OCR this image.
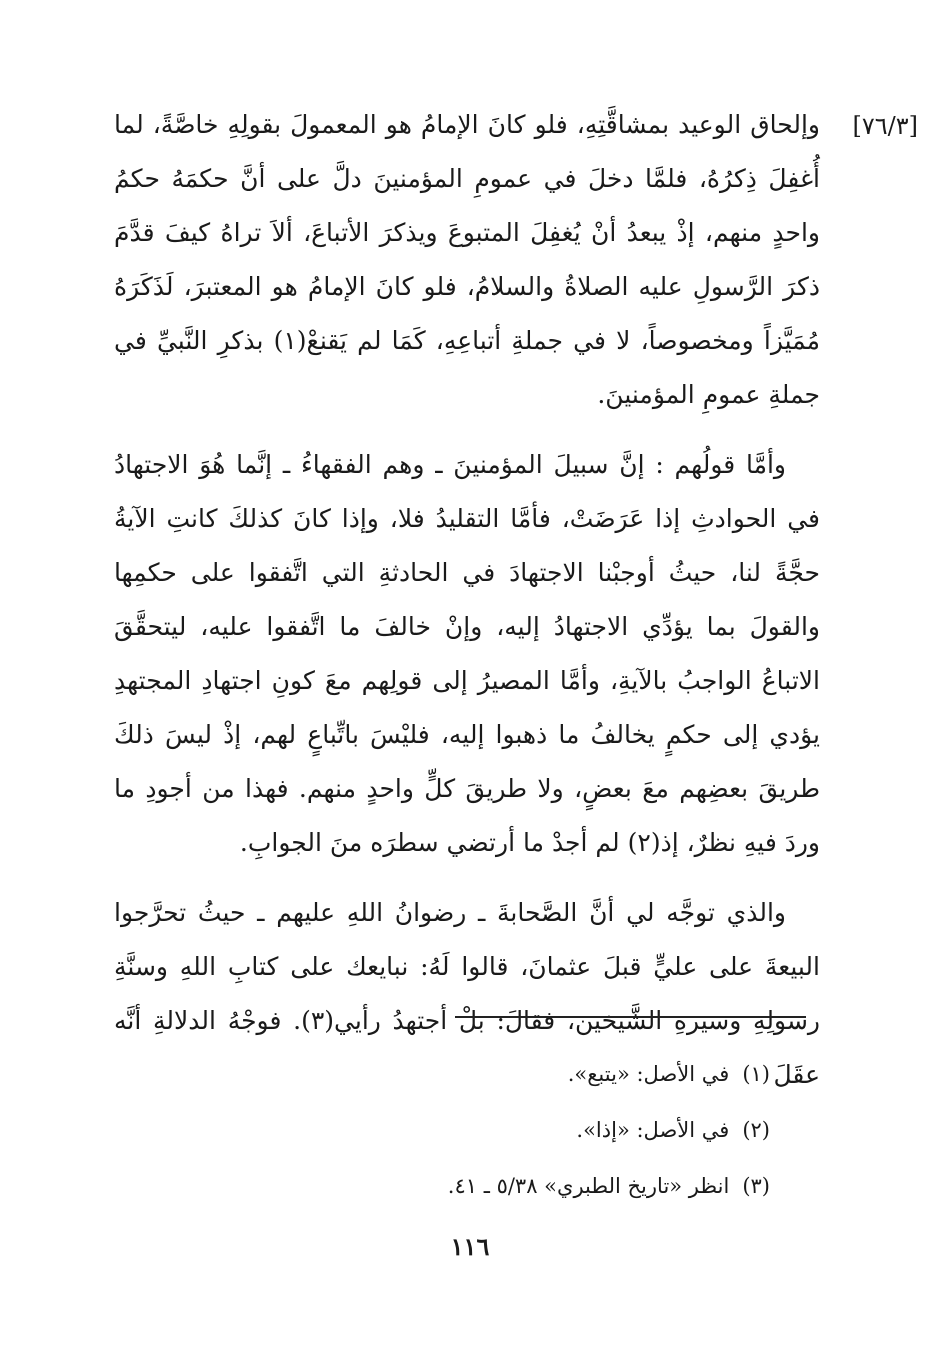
[٧٦/٣]

وإلحاق الوعيد بمشاقَّتِهِ، فلو كانَ الإمامُ هو المعمولَ بقولِهِ خاصَّةً، لما أُغفِلَ ذِكرُهُ، فلمَّا دخلَ في عمومِ المؤمنينَ دلَّ على أنَّ حكمَهُ حكمُ واحدٍ منهم، إذْ يبعدُ أنْ يُغفِلَ المتبوعَ ويذكرَ الأتباعَ، ألاَ تراهُ كيفَ قدَّمَ ذكرَ الرَّسولِ عليه الصلاةُ والسلامُ، فلو كانَ الإمامُ هو المعتبرَ، لَذَكَرَهُ مُمَيَّزاً ومخصوصاً، لا في جملةِ أتباعِهِ، كَمَا لم يَقنعْ(١) بذكرِ النَّبيِّ في جملةِ عمومِ المؤمنينَ.

وأمَّا قولُهم : إنَّ سبيلَ المؤمنينَ ـ وهم الفقهاءُ ـ إنَّما هُوَ الاجتهادُ في الحوادثِ إذا عَرَضَتْ، فأمَّا التقليدُ فلا، وإذا كانَ كذلكَ كانتِ الآيةُ حجَّةً لنا، حيثُ أوجبْنا الاجتهادَ في الحادثةِ التي اتَّفقوا على حكمِها والقولَ بما يؤدِّي الاجتهادُ إليه، وإنْ خالفَ ما اتَّفقوا عليه، ليتحقَّقَ الاتباعُ الواجبُ بالآيةِ، وأمَّا المصيرُ إلى قولِهم معَ كونِ اجتهادِ المجتهدِ يؤدي إلى حكمٍ يخالفُ ما ذهبوا إليه، فليْسَ باتِّباعٍ لهم، إذْ ليسَ ذلكَ طريقَ بعضِهم معَ بعضٍ، ولا طريقَ كلٍّ واحدٍ منهم. فهذا من أجودِ ما وردَ فيهِ نظرٌ، إذ(٢) لم أجدْ ما أرتضي سطرَه منَ الجوابِ.

والذي توجَّه لي أنَّ الصَّحابةَ ـ رضوانُ اللهِ عليهم ـ حيثُ تحرَّجوا البيعةَ على عليٍّ قبلَ عثمانَ، قالوا لَهُ: نبايعك على كتابِ اللهِ وسنَّةِ رسولِهِ وسيرةِ الشَّيخين، فقالَ: بلْ أجتهدُ رأيي(٣). فوجْهُ الدلالةِ أنَّه عقَلَ

(١) في الأصل: «يتبع».
(٢) في الأصل: «إذا».
(٣) انظر «تاريخ الطبري» ٥/٣٨ ـ ٤١.
١١٦
